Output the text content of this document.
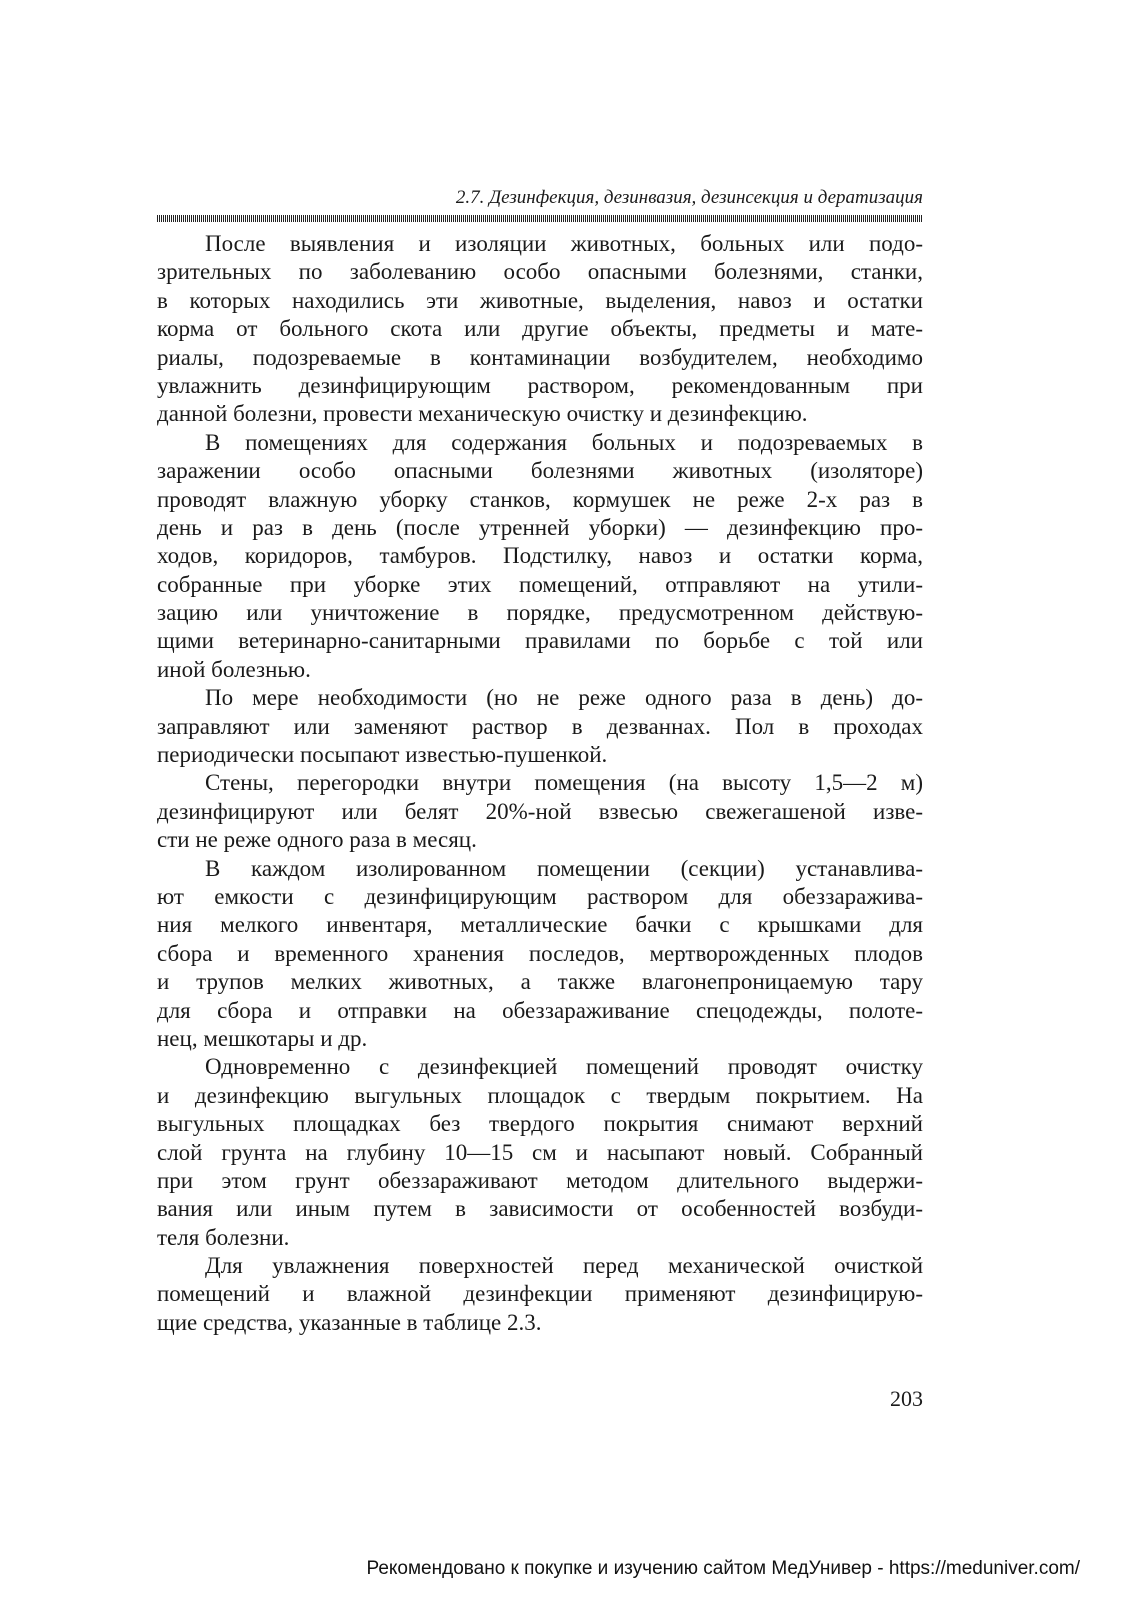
2.7. Дезинфекция, дезинвазия, дезинсекция и дератизация
После выявления и изоляции животных, больных или подо-
зрительных по заболеванию особо опасными болезнями, станки,
в которых находились эти животные, выделения, навоз и остатки
корма от больного скота или другие объекты, предметы и мате-
риалы, подозреваемые в контаминации возбудителем, необходимо
увлажнить дезинфицирующим раствором, рекомендованным при
данной болезни, провести механическую очистку и дезинфекцию.
В помещениях для содержания больных и подозреваемых в
заражении особо опасными болезнями животных (изоляторе)
проводят влажную уборку станков, кормушек не реже 2-х раз в
день и раз в день (после утренней уборки) — дезинфекцию про-
ходов, коридоров, тамбуров. Подстилку, навоз и остатки корма,
собранные при уборке этих помещений, отправляют на утили-
зацию или уничтожение в порядке, предусмотренном действую-
щими ветеринарно-санитарными правилами по борьбе с той или
иной болезнью.
По мере необходимости (но не реже одного раза в день) до-
заправляют или заменяют раствор в дезваннах. Пол в проходах
периодически посыпают известью-пушенкой.
Стены, перегородки внутри помещения (на высоту 1,5—2 м)
дезинфицируют или белят 20%-ной взвесью свежегашеной изве-
сти не реже одного раза в месяц.
В каждом изолированном помещении (секции) устанавлива-
ют емкости с дезинфицирующим раствором для обеззаражива-
ния мелкого инвентаря, металлические бачки с крышками для
сбора и временного хранения последов, мертворожденных плодов
и трупов мелких животных, а также влагонепроницаемую тару
для сбора и отправки на обеззараживание спецодежды, полоте-
нец, мешкотары и др.
Одновременно с дезинфекцией помещений проводят очистку
и дезинфекцию выгульных площадок с твердым покрытием. На
выгульных площадках без твердого покрытия снимают верхний
слой грунта на глубину 10—15 см и насыпают новый. Собранный
при этом грунт обеззараживают методом длительного выдержи-
вания или иным путем в зависимости от особенностей возбуди-
теля болезни.
Для увлажнения поверхностей перед механической очисткой
помещений и влажной дезинфекции применяют дезинфицирую-
щие средства, указанные в таблице 2.3.
203
Рекомендовано к покупке и изучению сайтом МедУнивер - https://meduniver.com/
